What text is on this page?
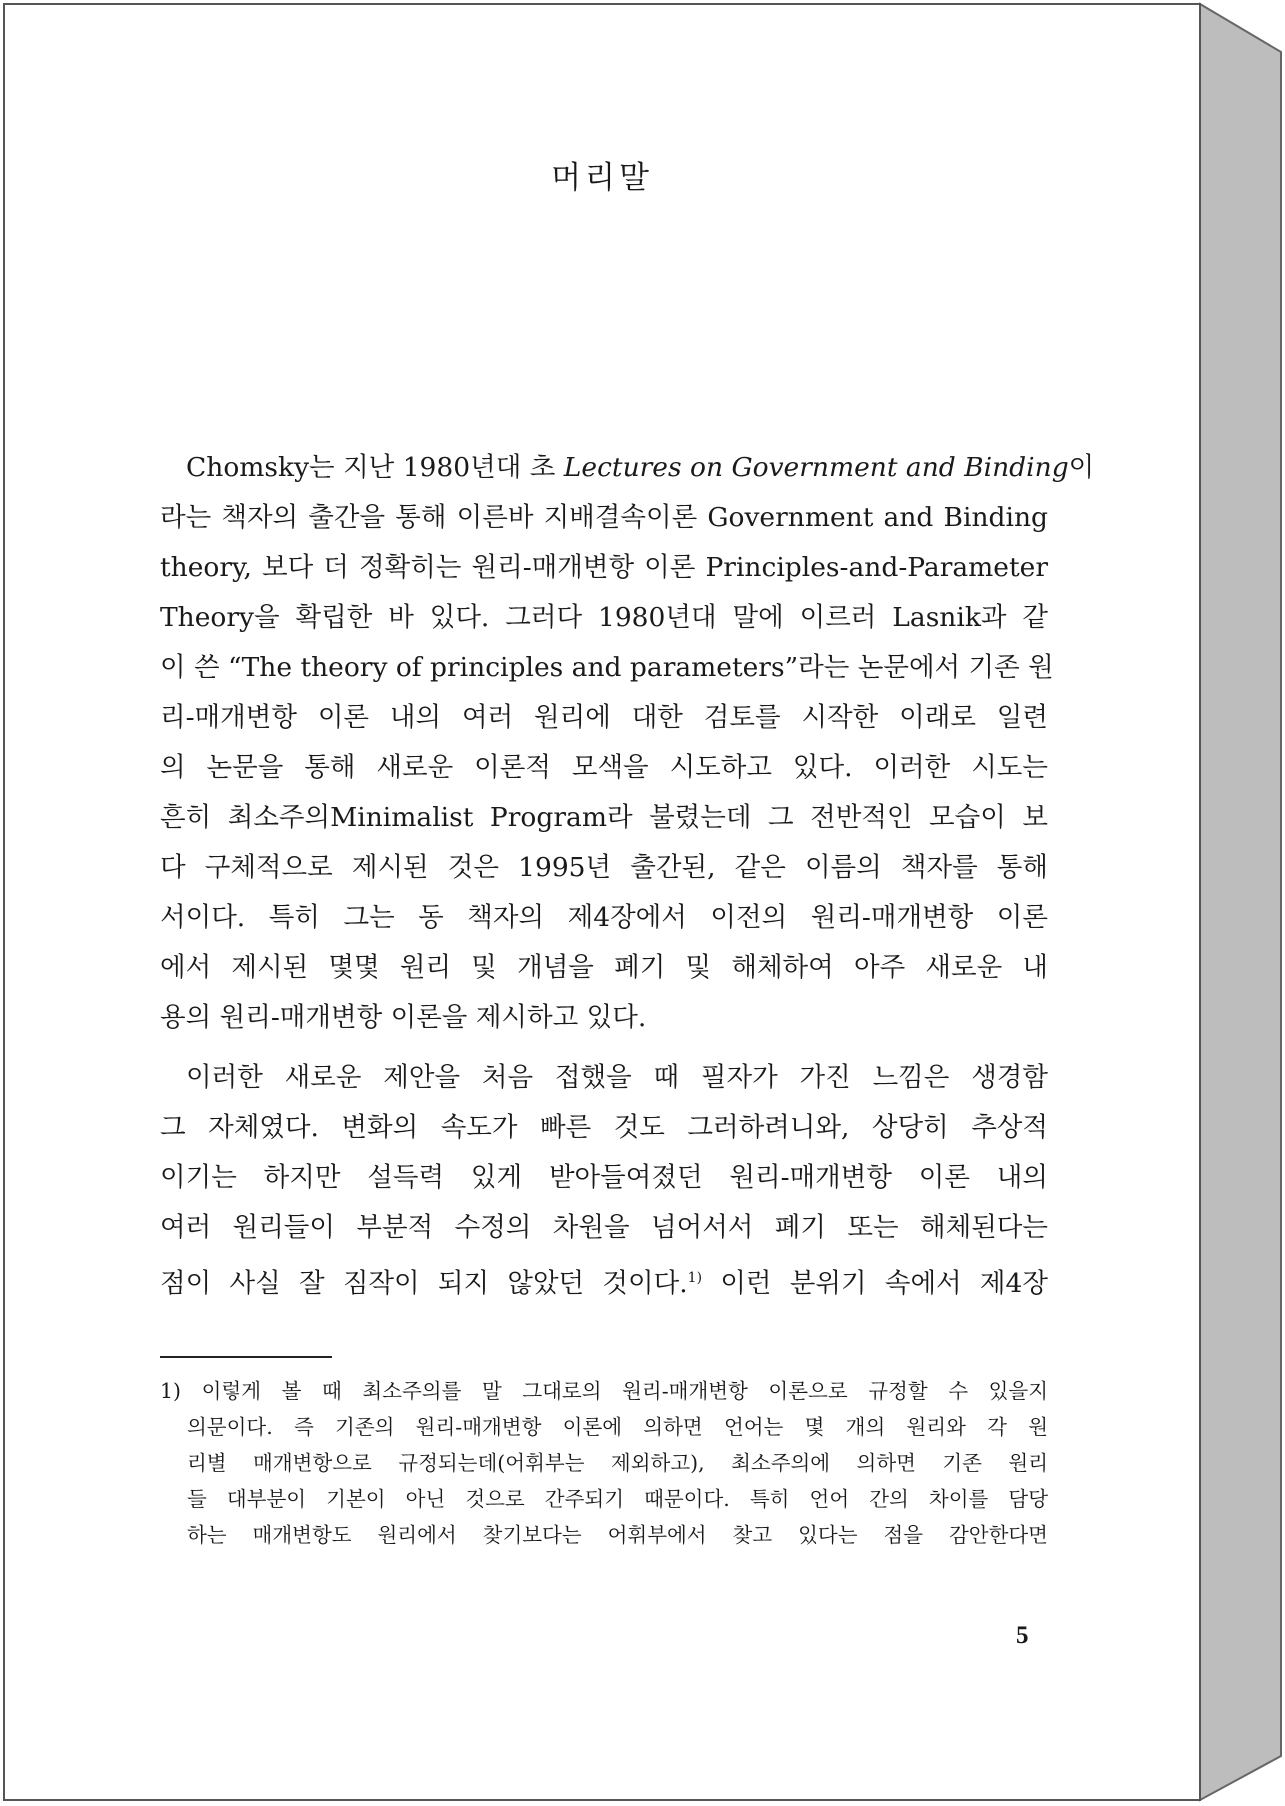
머리말
Chomsky는 지난 1980년대 초 Lectures on Government and Binding이
라는 책자의 출간을 통해 이른바 지배결속이론 Government and Binding
theory, 보다 더 정확히는 원리-매개변항 이론 Principles-and-Parameter
Theory을 확립한 바 있다. 그러다 1980년대 말에 이르러 Lasnik과 같
이 쓴 “The theory of principles and parameters”라는 논문에서 기존 원
리-매개변항 이론 내의 여러 원리에 대한 검토를 시작한 이래로 일련
의 논문을 통해 새로운 이론적 모색을 시도하고 있다. 이러한 시도는
흔히 최소주의Minimalist Program라 불렸는데 그 전반적인 모습이 보
다 구체적으로 제시된 것은 1995년 출간된, 같은 이름의 책자를 통해
서이다. 특히 그는 동 책자의 제4장에서 이전의 원리-매개변항 이론
에서 제시된 몇몇 원리 및 개념을 폐기 및 해체하여 아주 새로운 내
용의 원리-매개변항 이론을 제시하고 있다.
이러한 새로운 제안을 처음 접했을 때 필자가 가진 느낌은 생경함
그 자체였다. 변화의 속도가 빠른 것도 그러하려니와, 상당히 추상적
이기는 하지만 설득력 있게 받아들여졌던 원리-매개변항 이론 내의
여러 원리들이 부분적 수정의 차원을 넘어서서 폐기 또는 해체된다는
점이 사실 잘 짐작이 되지 않았던 것이다.$^{1)}$ 이런 분위기 속에서 제4장
1) 이렇게 볼 때 최소주의를 말 그대로의 원리-매개변항 이론으로 규정할 수 있을지
의문이다. 즉 기존의 원리-매개변항 이론에 의하면 언어는 몇 개의 원리와 각 원
리별 매개변항으로 규정되는데(어휘부는 제외하고), 최소주의에 의하면 기존 원리
들 대부분이 기본이 아닌 것으로 간주되기 때문이다. 특히 언어 간의 차이를 담당
하는 매개변항도 원리에서 찾기보다는 어휘부에서 찾고 있다는 점을 감안한다면
5
